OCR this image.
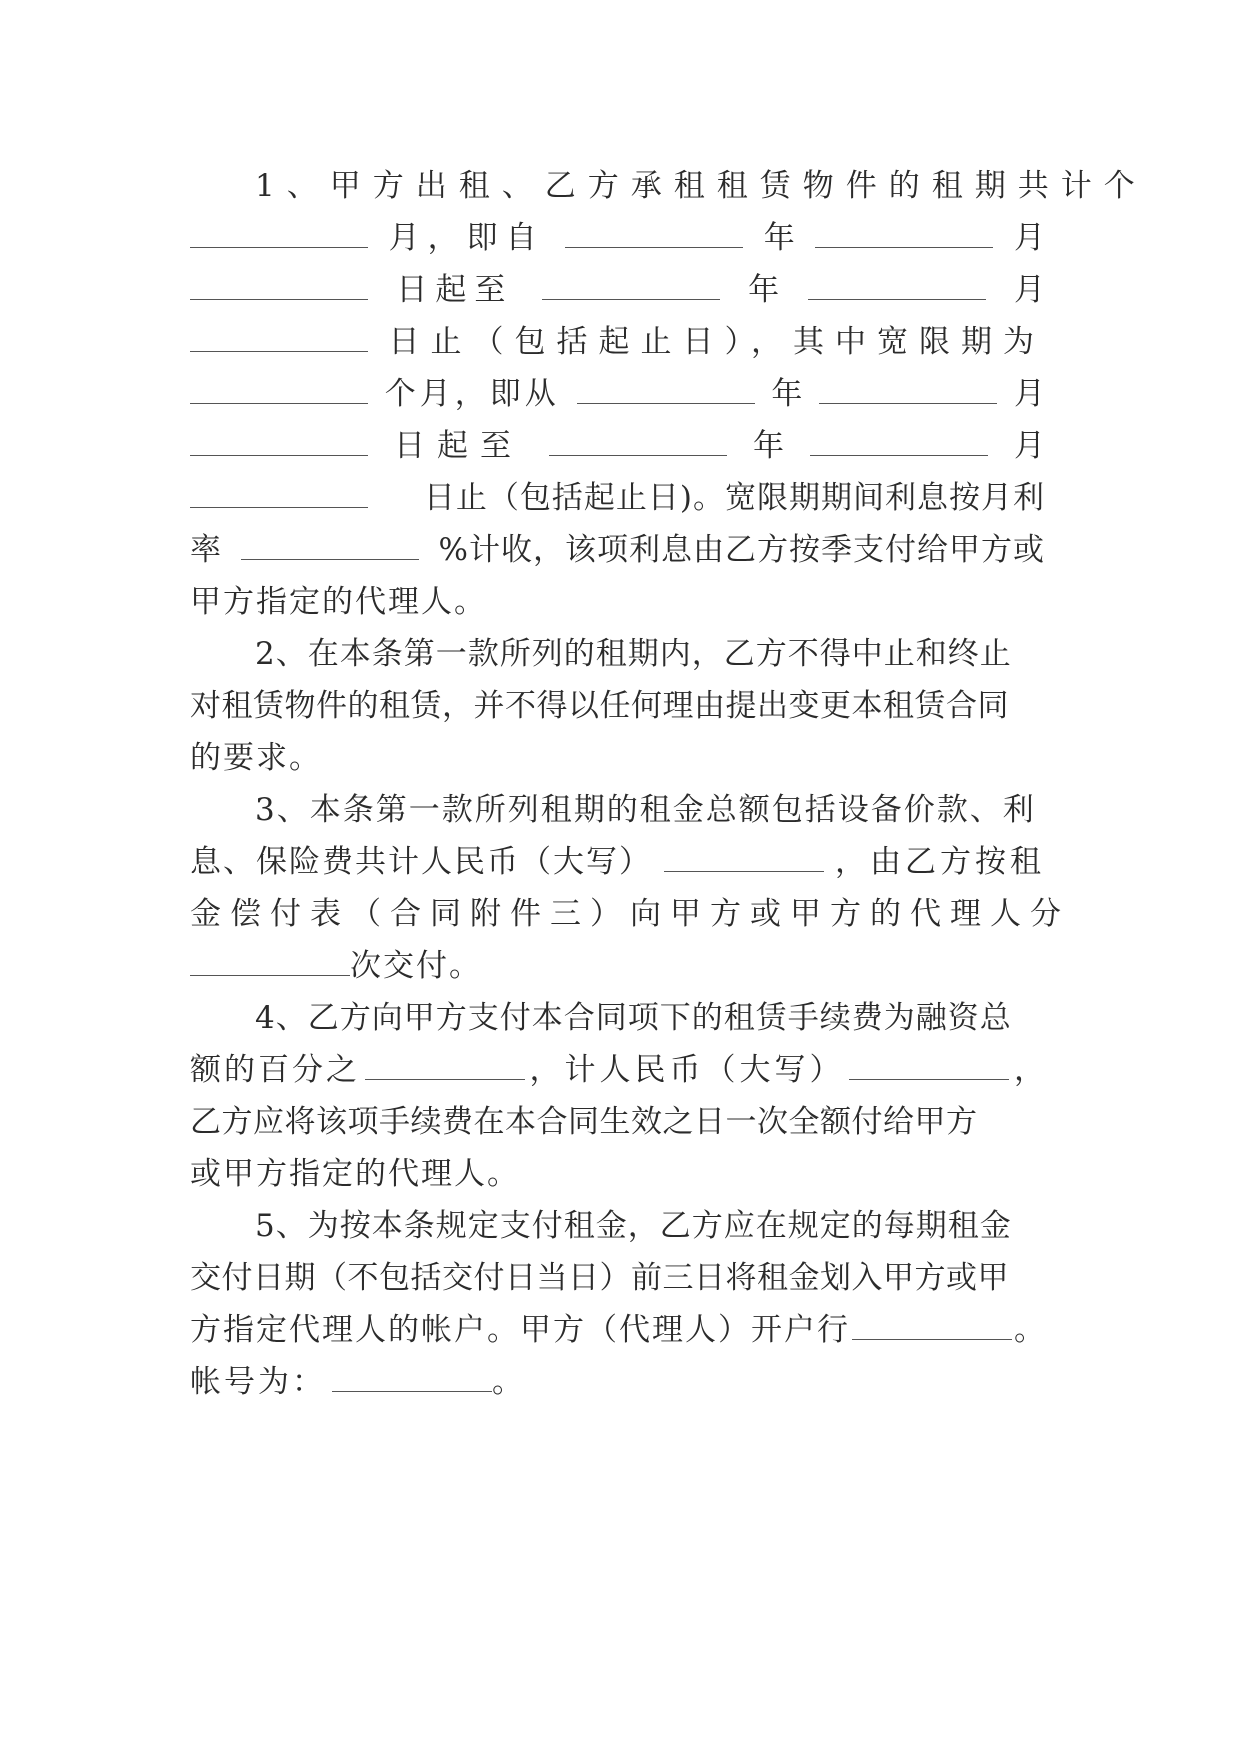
1、甲方出租、乙方承租租赁物件的租期共计个
月，即自	年	月
日起至	年	月
日止（包括起止日），其中宽限期为
个月，即从	年	月
日起至	年	月
日止（包括起止日)。宽限期期间利息按月利
率	%计收，该项利息由乙方按季支付给甲方或
甲方指定的代理人。
2、在本条第一款所列的租期内，乙方不得中止和终止
对租赁物件的租赁，并不得以任何理由提出变更本租赁合同
的要求。
3、本条第一款所列租期的租金总额包括设备价款、利
息、保险费共计人民币（大写）	，由乙方按租
金偿付表（合同附件三）向甲方或甲方的代理人分
次交付。
4、乙方向甲方支付本合同项下的租赁手续费为融资总
额的百分之	，计人民币（大写）	，
乙方应将该项手续费在本合同生效之日一次全额付给甲方
或甲方指定的代理人。
5、为按本条规定支付租金，乙方应在规定的每期租金
交付日期（不包括交付日当日）前三日将租金划入甲方或甲
方指定代理人的帐户。甲方（代理人）开户行	。
帐号为：	。
